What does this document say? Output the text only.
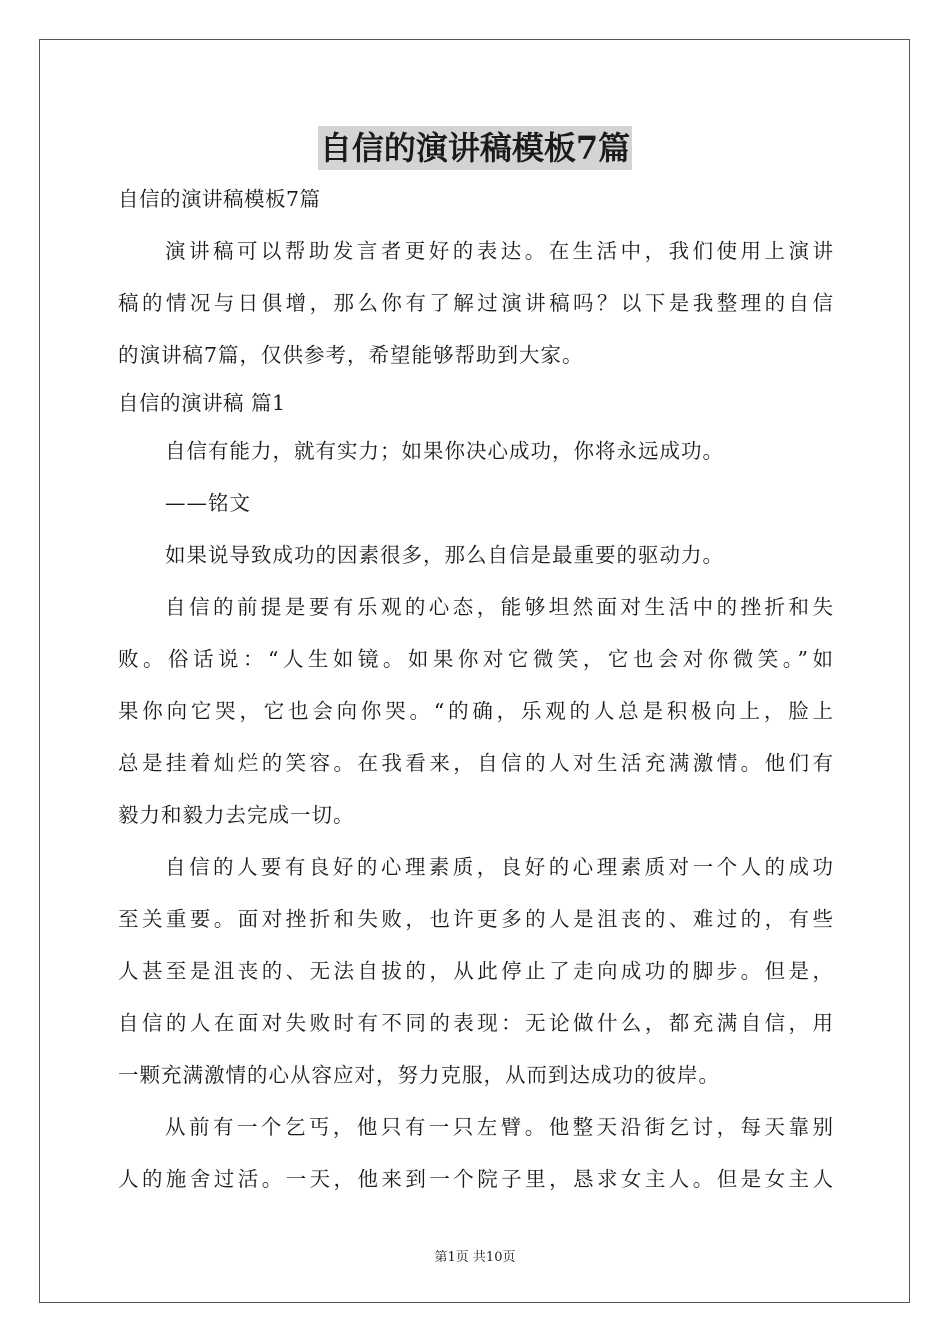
自信的演讲稿模板7篇
自信的演讲稿模板7篇
演讲稿可以帮助发言者更好的表达。在生活中，我们使用上演讲
稿的情况与日俱增，那么你有了解过演讲稿吗？以下是我整理的自信
的演讲稿7篇，仅供参考，希望能够帮助到大家。
自信的演讲稿 篇1
自信有能力，就有实力；如果你决心成功，你将永远成功。
——铭文
如果说导致成功的因素很多，那么自信是最重要的驱动力。
自信的前提是要有乐观的心态，能够坦然面对生活中的挫折和失
败。俗话说：“人生如镜。如果你对它微笑，它也会对你微笑。”如
果你向它哭，它也会向你哭。“的确，乐观的人总是积极向上，脸上
总是挂着灿烂的笑容。在我看来，自信的人对生活充满激情。他们有
毅力和毅力去完成一切。
自信的人要有良好的心理素质，良好的心理素质对一个人的成功
至关重要。面对挫折和失败，也许更多的人是沮丧的、难过的，有些
人甚至是沮丧的、无法自拔的，从此停止了走向成功的脚步。但是，
自信的人在面对失败时有不同的表现：无论做什么，都充满自信，用
一颗充满激情的心从容应对，努力克服，从而到达成功的彼岸。
从前有一个乞丐，他只有一只左臂。他整天沿街乞讨，每天靠别
人的施舍过活。一天，他来到一个院子里，恳求女主人。但是女主人
第1页 共10页
